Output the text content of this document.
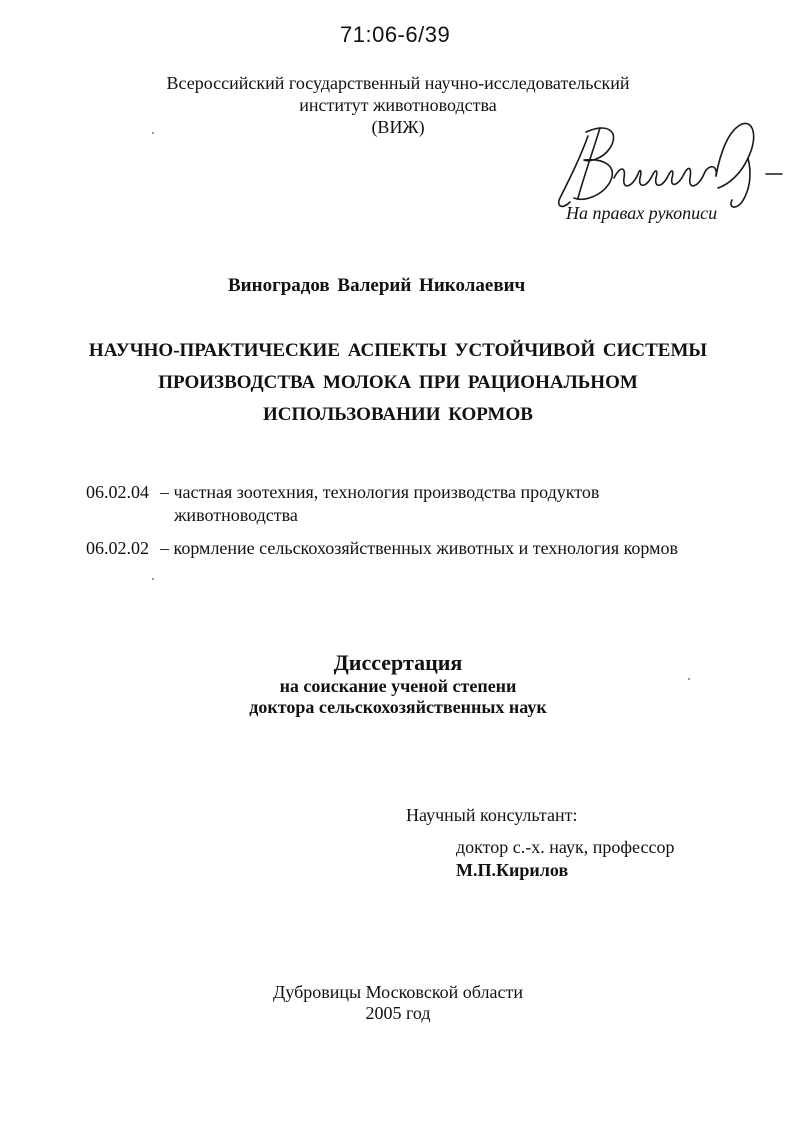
71:06-6/39
Всероссийский государственный научно-исследовательский
институт животноводства
(ВИЖ)
На правах рукописи
Виноградов Валерий Николаевич
НАУЧНО-ПРАКТИЧЕСКИЕ АСПЕКТЫ УСТОЙЧИВОЙ СИСТЕМЫ
ПРОИЗВОДСТВА МОЛОКА ПРИ РАЦИОНАЛЬНОМ
ИСПОЛЬЗОВАНИИ КОРМОВ
06.02.04 – частная зоотехния, технология производства продуктов
животноводства
06.02.02 – кормление сельскохозяйственных животных и технология кормов
Диссертация
на соискание ученой степени
доктора сельскохозяйственных наук
Научный консультант:
доктор с.-х. наук, профессор
М.П.Кирилов
Дубровицы Московской области
2005 год
